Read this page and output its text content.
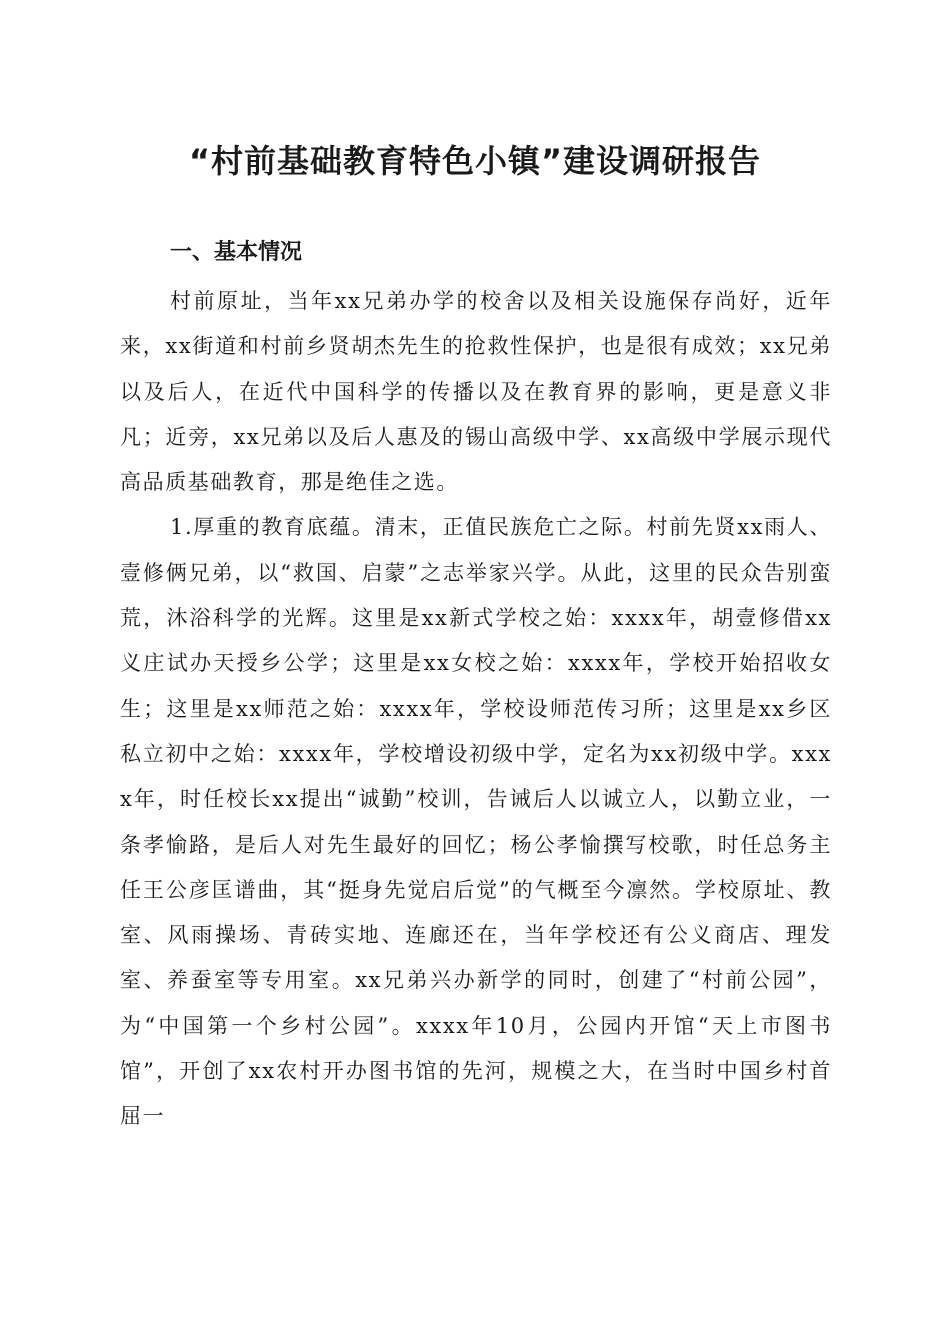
“村前基础教育特色小镇”建设调研报告
一、基本情况

村前原址，当年xx兄弟办学的校舍以及相关设施保存尚好，近年来，xx街道和村前乡贤胡杰先生的抢救性保护，也是很有成效；xx兄弟以及后人，在近代中国科学的传播以及在教育界的影响，更是意义非凡；近旁，xx兄弟以及后人惠及的锡山高级中学、xx高级中学展示现代高品质基础教育，那是绝佳之选。

1.厚重的教育底蕴。清末，正值民族危亡之际。村前先贤xx雨人、壹修俩兄弟，以“救国、启蒙”之志举家兴学。从此，这里的民众告别蛮荒，沐浴科学的光辉。这里是xx新式学校之始：xxxx年，胡壹修借xx义庄试办天授乡公学；这里是xx女校之始：xxxx年，学校开始招收女生；这里是xx师范之始：xxxx年，学校设师范传习所；这里是xx乡区私立初中之始：xxxx年，学校增设初级中学，定名为xx初级中学。xxxx年，时任校长xx提出“诚勤”校训，告诫后人以诚立人，以勤立业，一条孝愉路，是后人对先生最好的回忆；杨公孝愉撰写校歌，时任总务主任王公彦匡谱曲，其“挺身先觉启后觉”的气概至今凛然。学校原址、教室、风雨操场、青砖实地、连廊还在，当年学校还有公义商店、理发室、养蚕室等专用室。xx兄弟兴办新学的同时，创建了“村前公园”，为“中国第一个乡村公园”。xxxx年10月，公园内开馆“天上市图书馆”，开创了xx农村开办图书馆的先河，规模之大，在当时中国乡村首屈一
